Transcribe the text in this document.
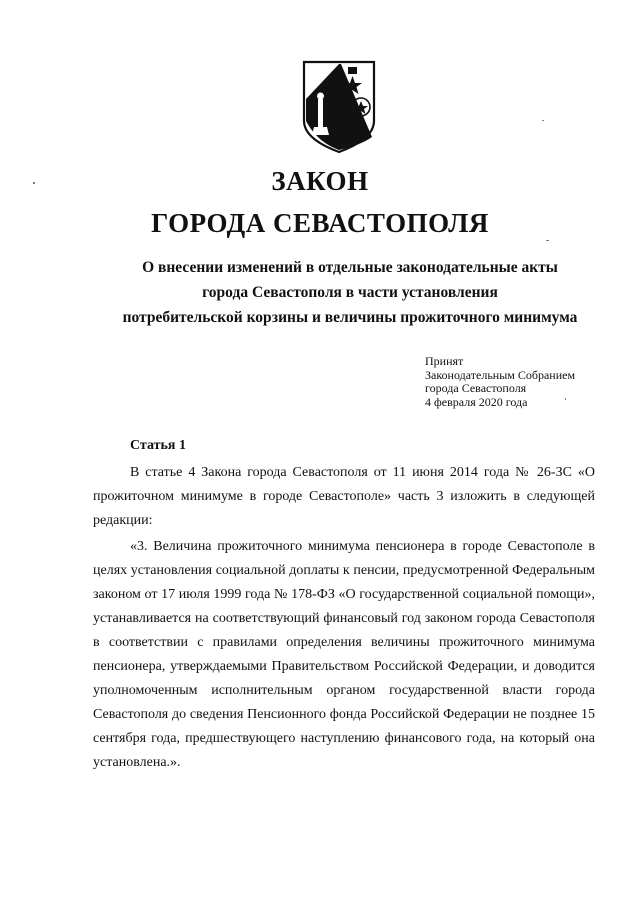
ЗАКОН
ГОРОДА СЕВАСТОПОЛЯ
О внесении изменений в отдельные законодательные акты
города Севастополя в части установления
потребительской корзины и величины прожиточного минимума
Принят
Законодательным Собранием
города Севастополя
4 февраля 2020 года
Статья 1

В статье 4 Закона города Севастополя от 11 июня 2014 года № 26-ЗС «О прожиточном минимуме в городе Севастополе» часть 3 изложить в следующей редакции:

«3. Величина прожиточного минимума пенсионера в городе Севастополе в целях установления социальной доплаты к пенсии, предусмотренной Федеральным законом от 17 июля 1999 года № 178-ФЗ «О государственной социальной помощи», устанавливается на соответствующий финансовый год законом города Севастополя в соответствии с правилами определения величины прожиточного минимума пенсионера, утверждаемыми Правительством Российской Федерации, и доводится уполномоченным исполнительным органом государственной власти города Севастополя до сведения Пенсионного фонда Российской Федерации не позднее 15 сентября года, предшествующего наступлению финансового года, на который она установлена.».
